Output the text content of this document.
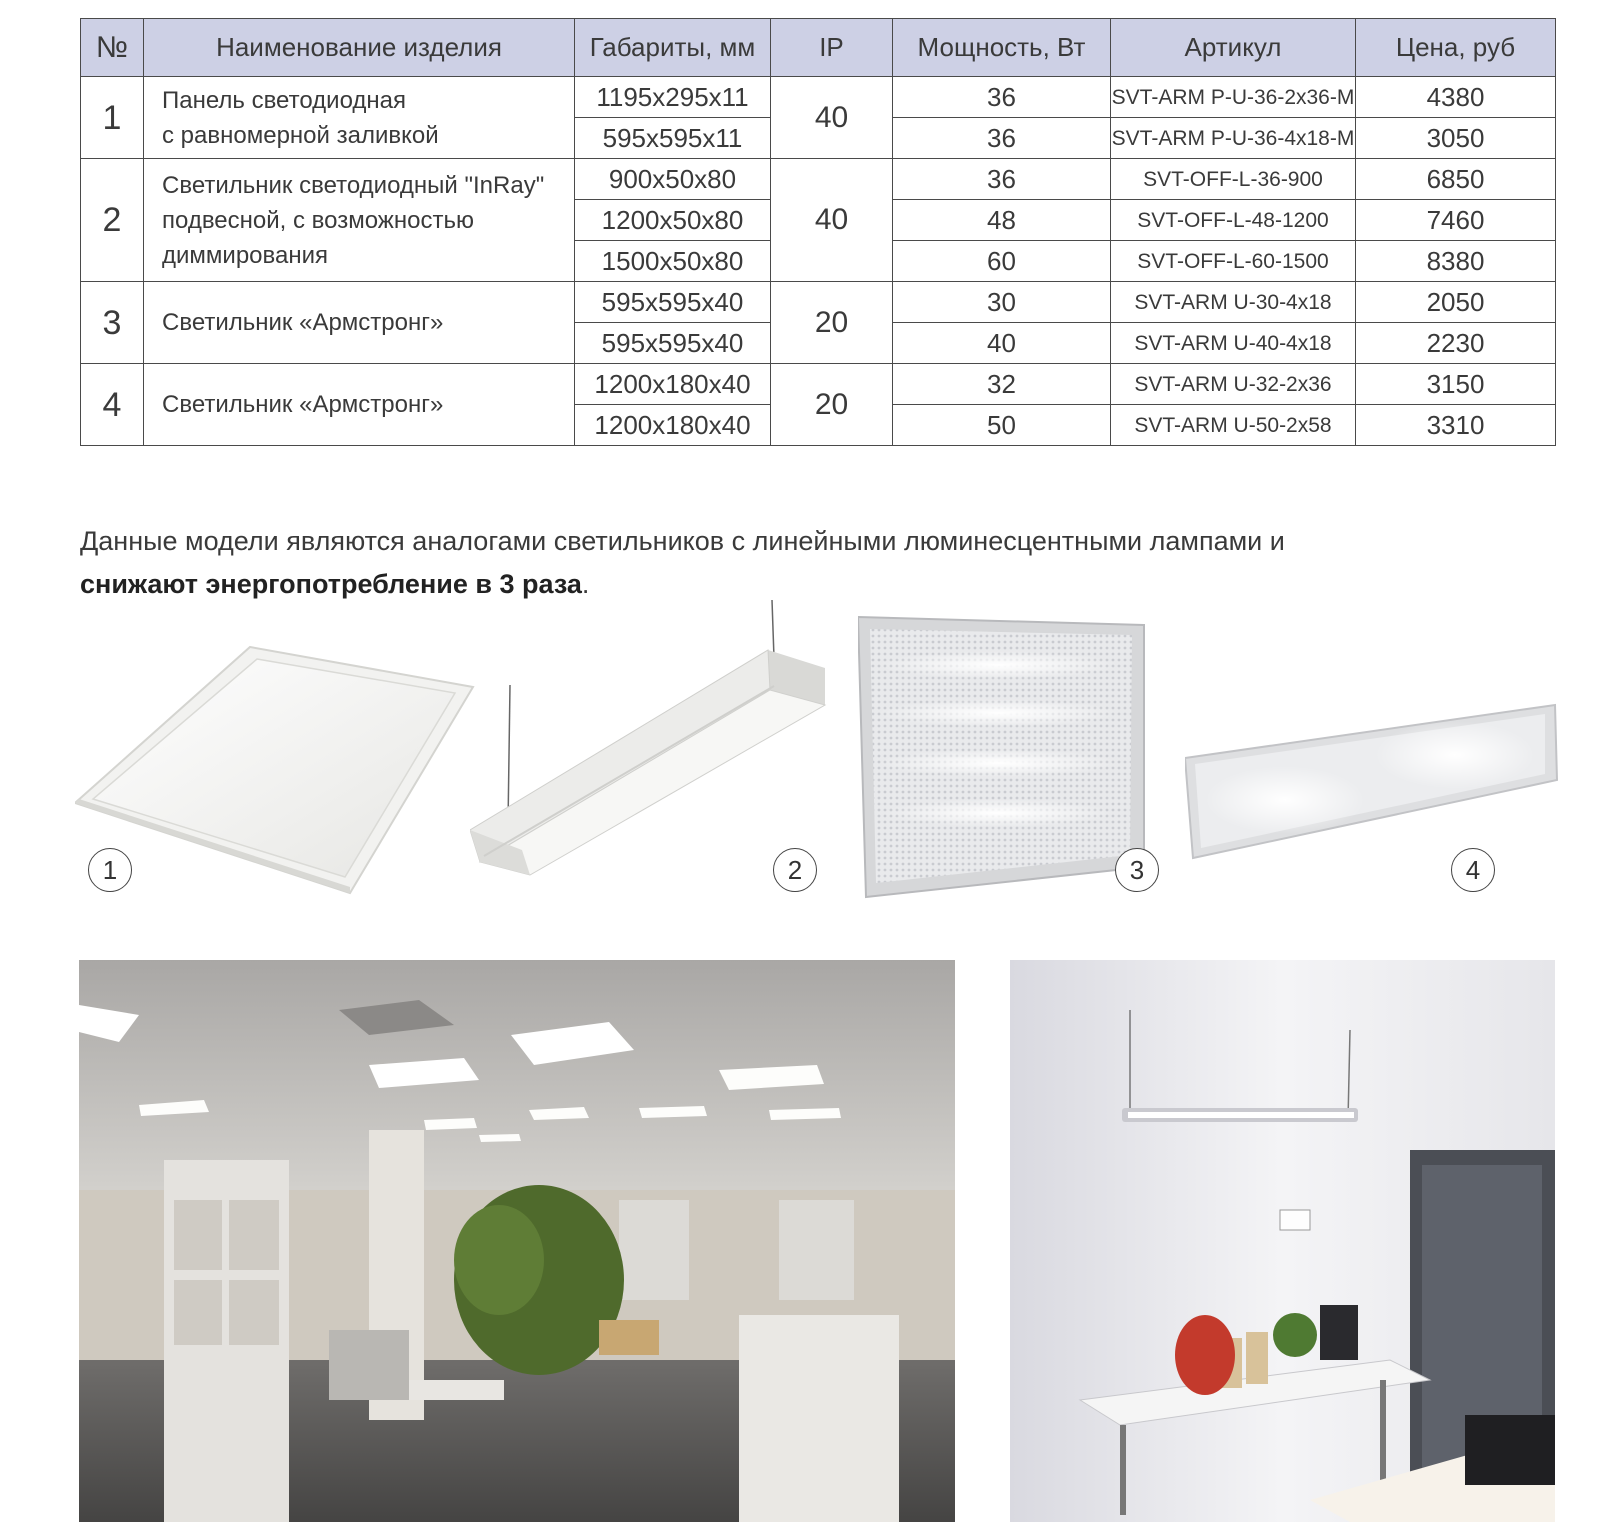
№	Наименование изделия	Габариты, мм	IP	Мощность, Вт	Артикул	Цена, руб
1	Панель светодиодная
с равномерной заливкой	1195х295х11	40	36	SVT-ARM P-U-36-2x36-M	4380
		595х595х11		36	SVT-ARM P-U-36-4x18-M	3050
2	Светильник светодиодный "InRay"
подвесной, с возможностью
диммирования	900х50х80	40	36	SVT-OFF-L-36-900	6850
		1200х50х80		48	SVT-OFF-L-48-1200	7460
		1500х50х80		60	SVT-OFF-L-60-1500	8380
3	Светильник «Армстронг»	595х595х40	20	30	SVT-ARM U-30-4x18	2050
		595х595х40		40	SVT-ARM U-40-4x18	2230
4	Светильник «Армстронг»	1200х180х40	20	32	SVT-ARM U-32-2x36	3150
		1200х180х40		50	SVT-ARM U-50-2x58	3310

Данные модели являются аналогами светильников с линейными люминесцентными лампами и
снижают энергопотребление в 3 раза.

1	2	3	4
